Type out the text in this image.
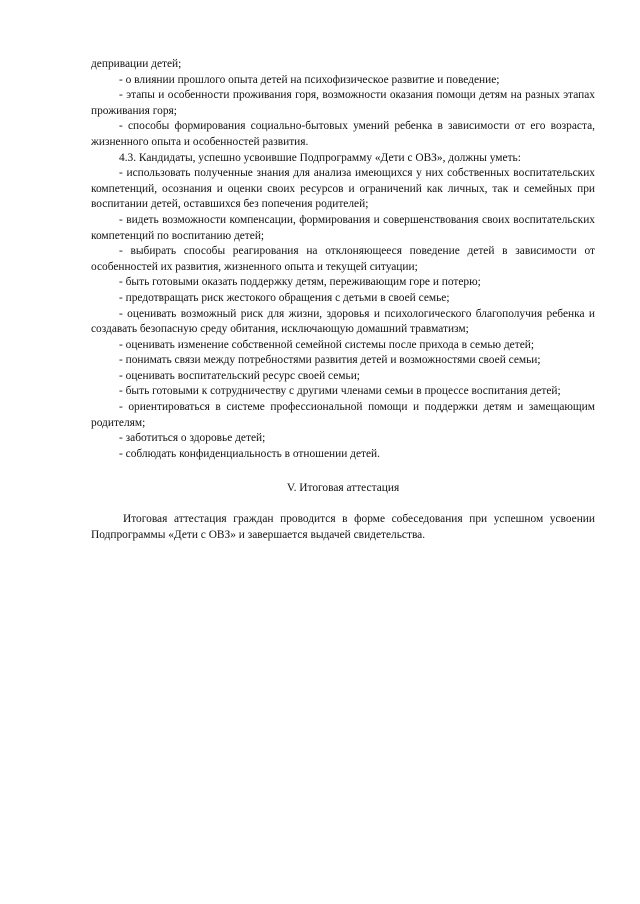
депривации детей;

- о влиянии прошлого опыта детей на психофизическое развитие и поведение;

- этапы и особенности проживания горя, возможности оказания помощи детям на разных этапах проживания горя;

- способы формирования социально-бытовых умений ребенка в зависимости от его возраста, жизненного опыта и особенностей развития.

4.3. Кандидаты, успешно усвоившие Подпрограмму «Дети с ОВЗ», должны уметь:

- использовать полученные знания для анализа имеющихся у них собственных воспитательских компетенций, осознания и оценки своих ресурсов и ограничений как личных, так и семейных при воспитании детей, оставшихся без попечения родителей;

- видеть возможности компенсации, формирования и совершенствования своих воспитательских компетенций по воспитанию детей;

- выбирать способы реагирования на отклоняющееся поведение детей в зависимости от особенностей их развития, жизненного опыта и текущей ситуации;

- быть готовыми оказать поддержку детям, переживающим горе и потерю;

- предотвращать риск жестокого обращения с детьми в своей семье;

- оценивать возможный риск для жизни, здоровья и психологического благополучия ребенка и создавать безопасную среду обитания, исключающую домашний травматизм;

- оценивать изменение собственной семейной системы после прихода в семью детей;

- понимать связи между потребностями развития детей и возможностями своей семьи;

- оценивать воспитательский ресурс своей семьи;

- быть готовыми к сотрудничеству с другими членами семьи в процессе воспитания детей;

- ориентироваться в системе профессиональной помощи и поддержки детям и замещающим родителям;

- заботиться о здоровье детей;

- соблюдать конфиденциальность в отношении детей.

V. Итоговая аттестация

Итоговая аттестация граждан проводится в форме собеседования при успешном усвоении Подпрограммы «Дети с ОВЗ» и завершается выдачей свидетельства.
